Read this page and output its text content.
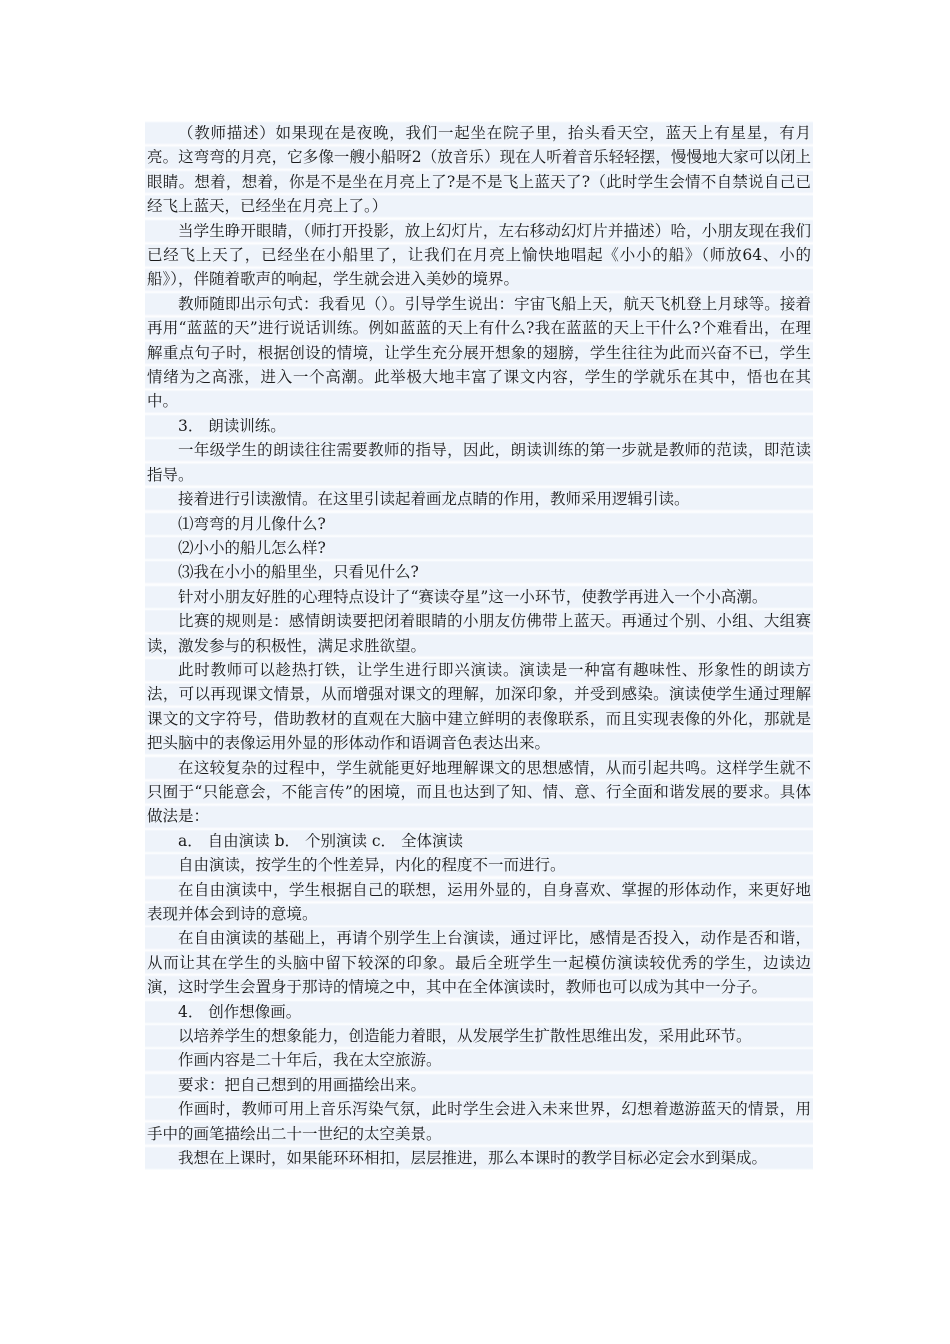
（教师描述）如果现在是夜晚，我们一起坐在院子里，抬头看天空，蓝天上有星星，有月亮。这弯弯的月亮，它多像一艘小船呀2（放音乐）现在人听着音乐轻轻摆，慢慢地大家可以闭上眼睛。想着，想着，你是不是坐在月亮上了?是不是飞上蓝天了?（此时学生会情不自禁说自己已经飞上蓝天，已经坐在月亮上了。）

当学生睁开眼睛，（师打开投影，放上幻灯片，左右移动幻灯片并描述）哈，小朋友现在我们已经飞上天了，已经坐在小船里了，让我们在月亮上愉快地唱起《小小的船》（师放64、小的船》），伴随着歌声的响起，学生就会进入美妙的境界。

教师随即出示句式：我看见（）。引导学生说出：宇宙飞船上天，航天飞机登上月球等。接着再用“蓝蓝的天”进行说话训练。例如蓝蓝的天上有什么?我在蓝蓝的天上干什么?个难看出，在理解重点句子时，根据创设的情境，让学生充分展开想象的翅膀，学生往往为此而兴奋不已，学生情绪为之高涨，进入一个高潮。此举极大地丰富了课文内容，学生的学就乐在其中，悟也在其中。

3． 朗读训练。

一年级学生的朗读往往需要教师的指导，因此，朗读训练的第一步就是教师的范读，即范读指导。

接着进行引读激情。在这里引读起着画龙点睛的作用，教师采用逻辑引读。

⑴弯弯的月儿像什么?

⑵小小的船儿怎么样?

⑶我在小小的船里坐，只看见什么?

针对小朋友好胜的心理特点设计了“赛读夺星”这一小环节，使教学再进入一个小高潮。

比赛的规则是：感情朗读要把闭着眼睛的小朋友仿佛带上蓝天。再通过个别、小组、大组赛读，激发参与的积极性，满足求胜欲望。

此时教师可以趁热打铁，让学生进行即兴演读。演读是一种富有趣味性、形象性的朗读方法，可以再现课文情景，从而增强对课文的理解，加深印象，并受到感染。演读使学生通过理解课文的文字符号，借助教材的直观在大脑中建立鲜明的表像联系，而且实现表像的外化，那就是把头脑中的表像运用外显的形体动作和语调音色表达出来。

在这较复杂的过程中，学生就能更好地理解课文的思想感情，从而引起共鸣。这样学生就不只囿于“只能意会，不能言传”的困境，而且也达到了知、情、意、行全面和谐发展的要求。具体做法是：

a． 自由演读 b． 个别演读 c． 全体演读

自由演读，按学生的个性差异，内化的程度不一而进行。

在自由演读中，学生根据自己的联想，运用外显的，自身喜欢、掌握的形体动作，来更好地表现并体会到诗的意境。

在自由演读的基础上，再请个别学生上台演读，通过评比，感情是否投入，动作是否和谐，从而让其在学生的头脑中留下较深的印象。最后全班学生一起模仿演读较优秀的学生，边读边演，这时学生会置身于那诗的情境之中，其中在全体演读时，教师也可以成为其中一分子。

4． 创作想像画。

以培养学生的想象能力，创造能力着眼，从发展学生扩散性思维出发，采用此环节。

作画内容是二十年后，我在太空旅游。

要求：把自己想到的用画描绘出来。

作画时，教师可用上音乐泻染气氛，此时学生会进入未来世界，幻想着遨游蓝天的情景，用手中的画笔描绘出二十一世纪的太空美景。

我想在上课时，如果能环环相扣，层层推进，那么本课时的教学目标必定会水到渠成。
